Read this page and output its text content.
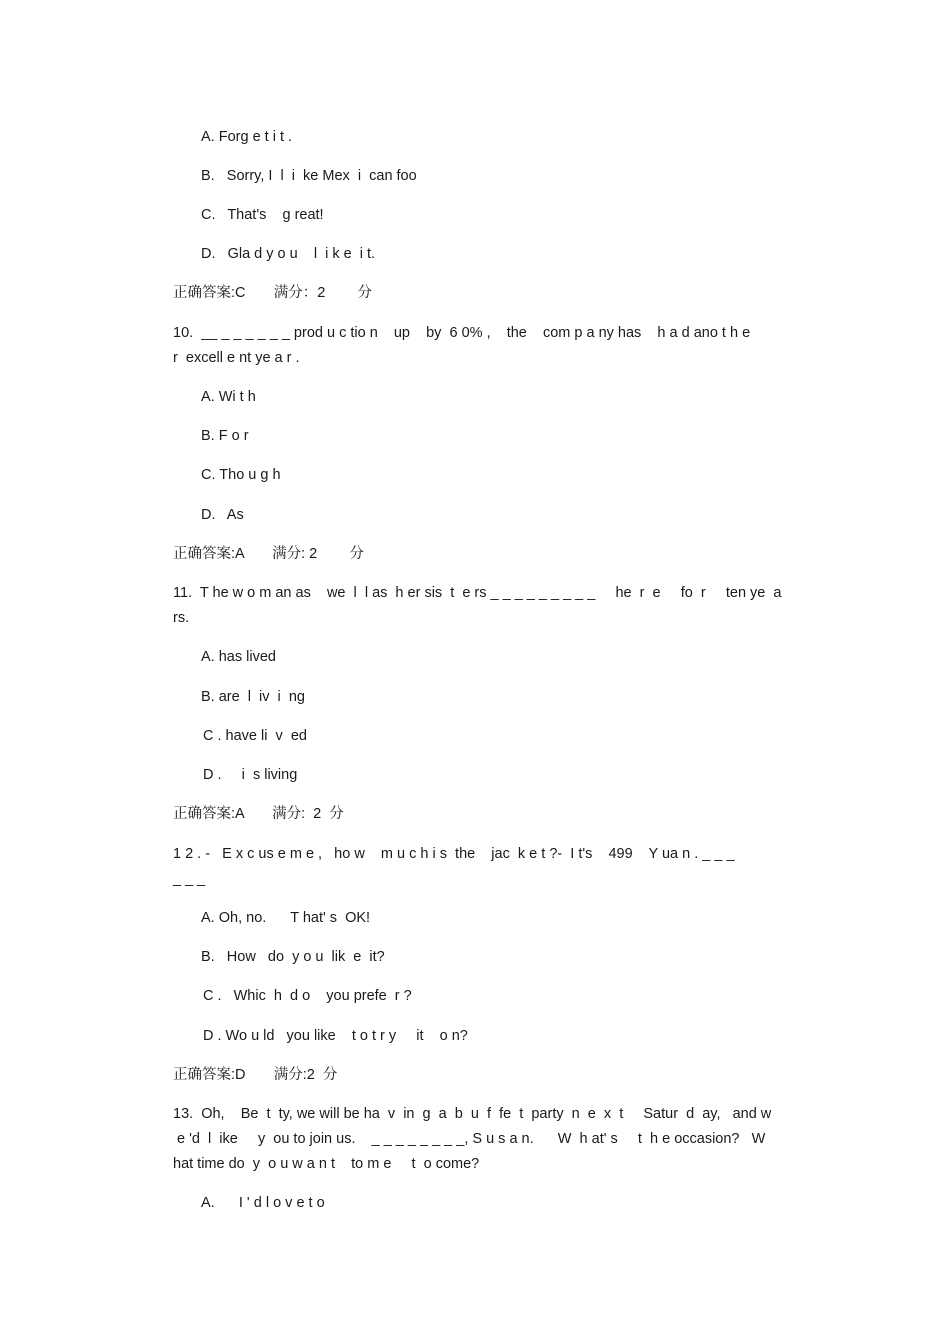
A. Forg e t i t .
B.   Sorry, I  l  i  ke Mex  i  can foo
C.   That's    g reat!
D.   Gla d y o u    l  i k e  i t.
正确答案:C       满分：2        分
10.  __ _ _ _ _ _ _ prod u c tio n    up    by  6 0% ,    the    com p a ny has    h a d ano t h e
r  excell e nt ye a r .
A. Wi t h
B. F o r
C. Tho u g h
D.   As
正确答案:A       满分: 2        分
11.  T he w o m an as    we  l  l as  h er sis  t  e rs _ _ _ _ _ _ _ _ _     he  r  e     fo  r     ten ye  a
rs.
A. has lived
B. are  l  iv  i  ng
C . have li  v  ed
D .     i  s living
正确答案:A       满分:  2  分
1 2 . -   E x c us e m e ,   ho w    m u c h i s  the    jac  k e t ?-  I t's    499    Y ua n . _ _ _
_ _ _
A. Oh, no.      T hat' s  OK!
B.   How   do  y o u  lik  e  it?
C .   Whic  h  d o    you prefe  r ?
D . Wo u ld   you like    t o t r y     it    o n?
正确答案:D       满分:2  分
13.  Oh,    Be  t  ty, we will be ha  v  in  g  a  b  u  f  fe  t  party  n  e  x  t     Satur  d  ay,   and w
e 'd  l  ike     y  ou to join us.    _ _ _ _ _ _ _ _, S u s a n.      W  h at' s     t  h e occasion?   W
hat time do  y  o u w a n t    to m e     t  o come?
A.      I ' d l o v e t o
